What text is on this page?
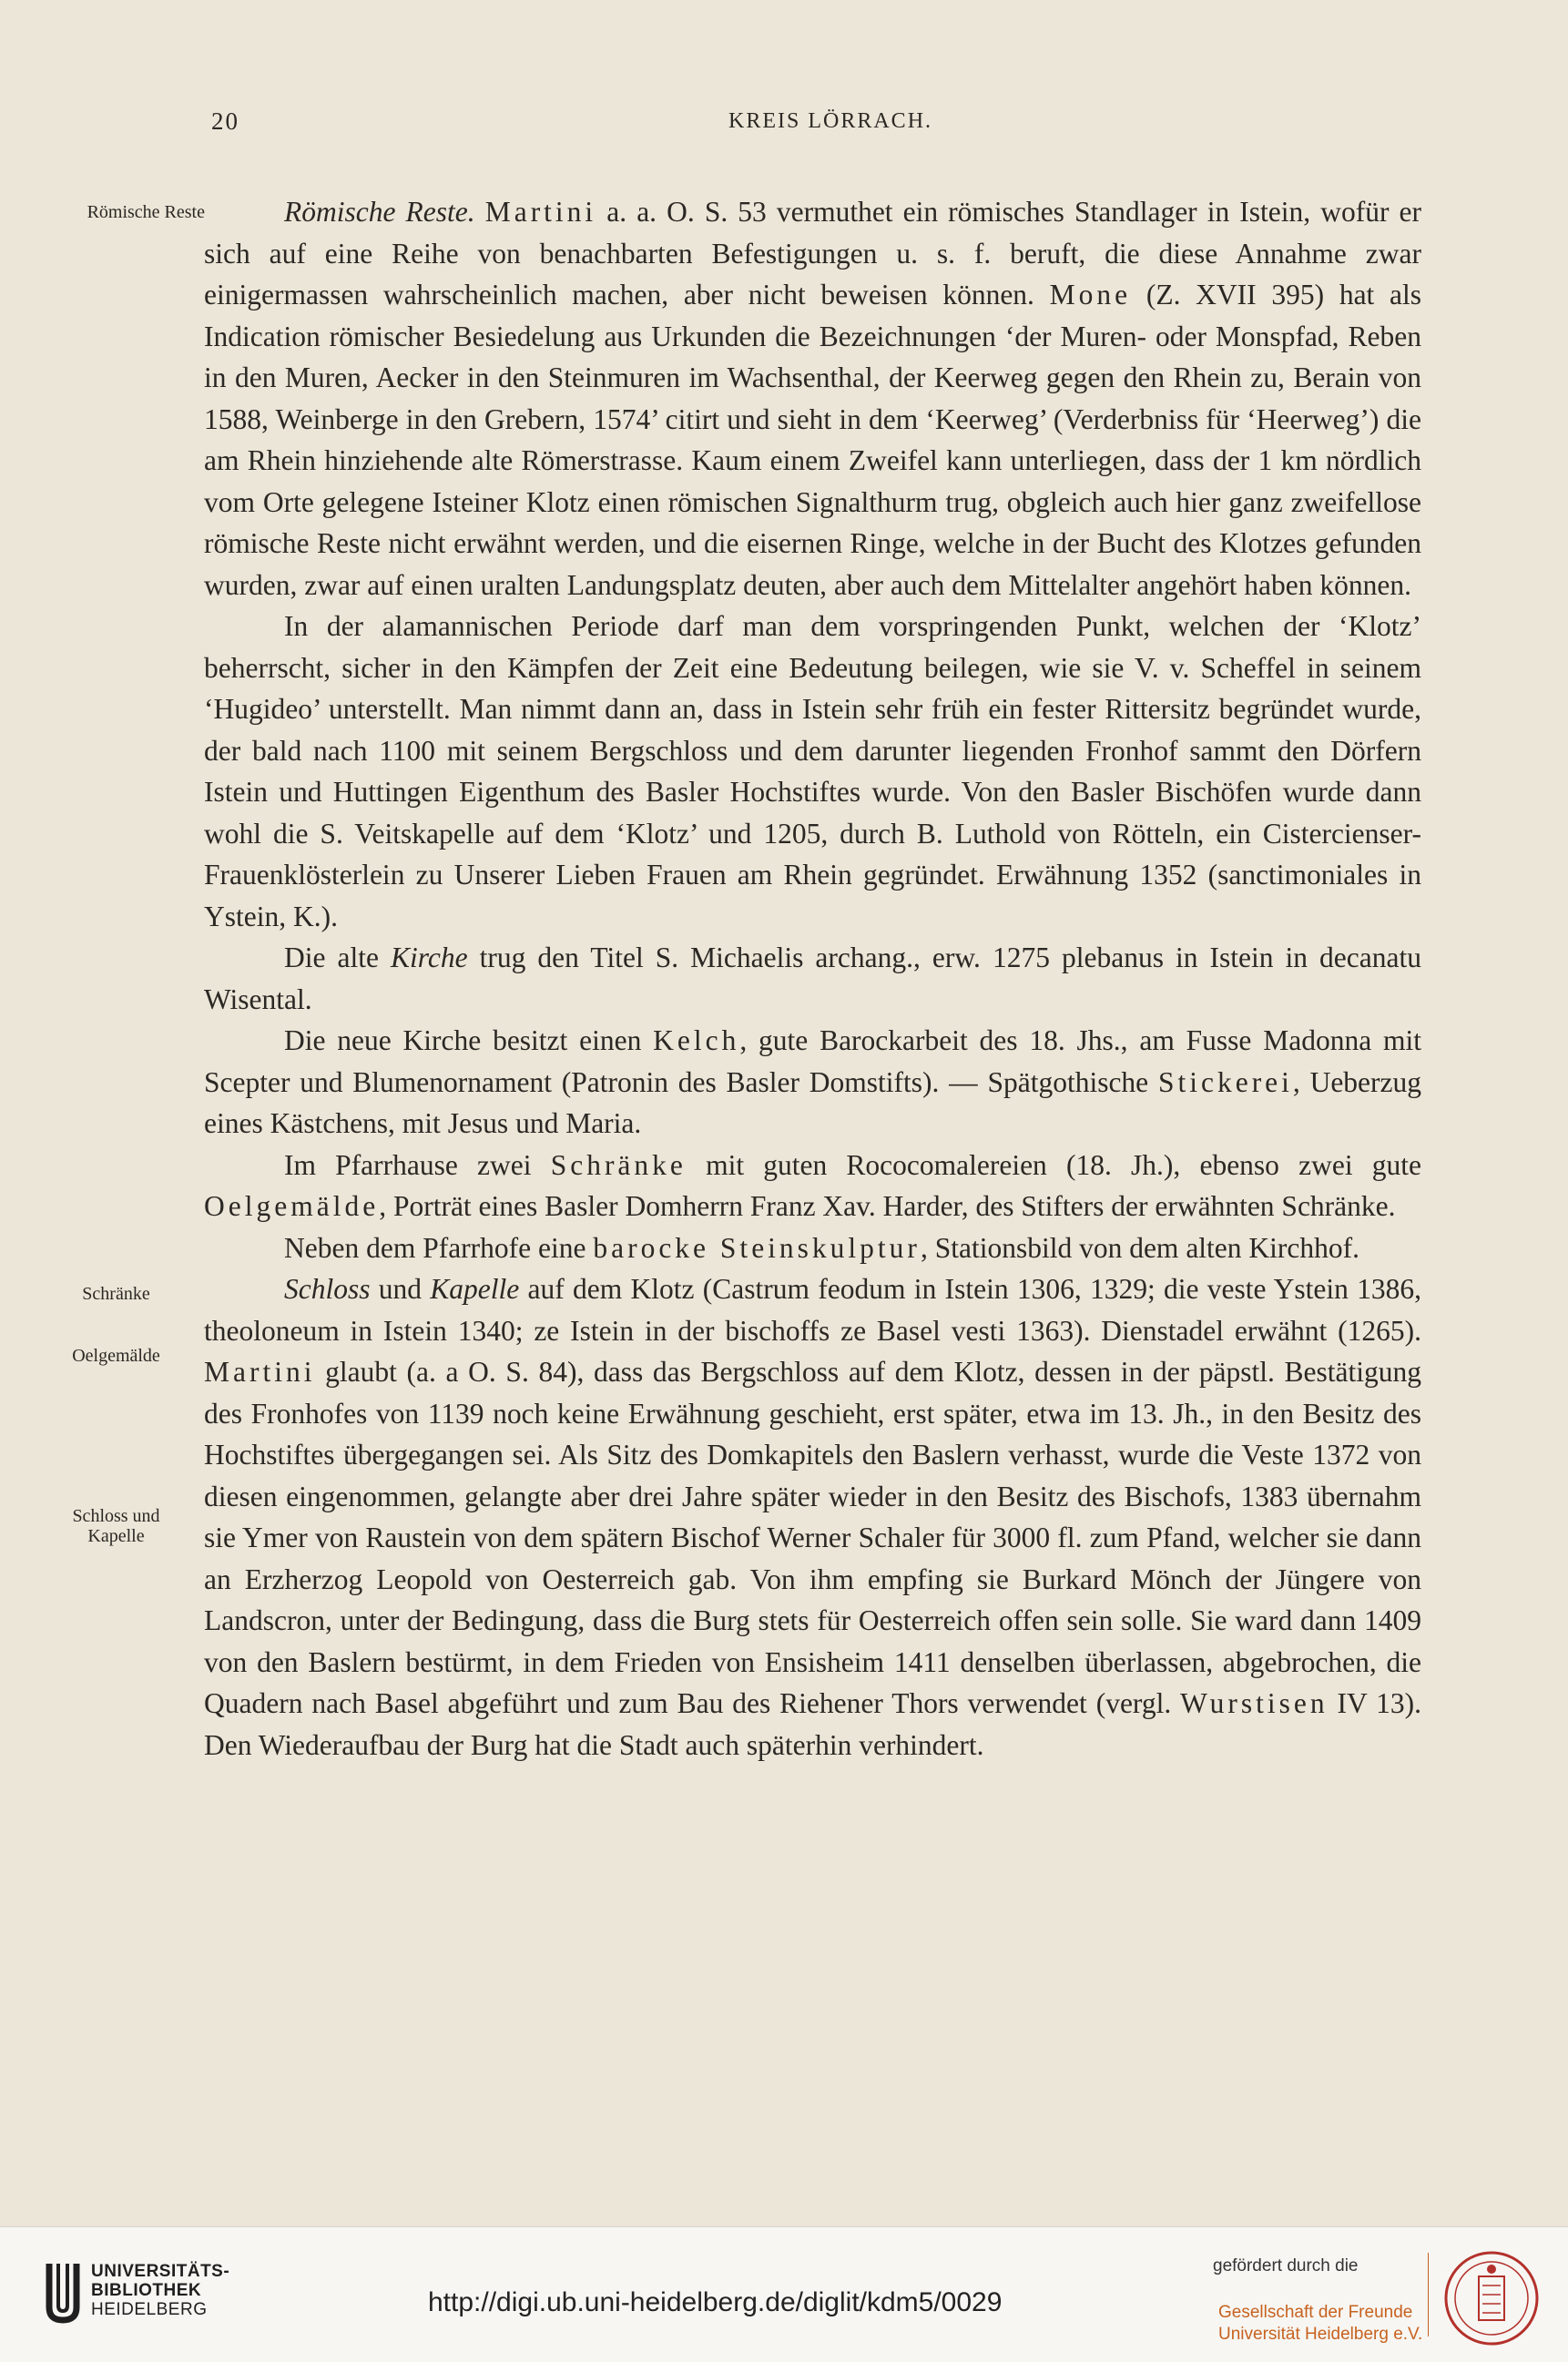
20	KREIS LÖRRACH.
Römische Reste
Schränke
Oelgemälde
Schloss und
Kapelle

Römische Reste. Martini a. a. O. S. 53 vermuthet ein römisches Standlager in Istein, wofür er sich auf eine Reihe von benachbarten Befestigungen u. s. f. beruft, die diese Annahme zwar einigermassen wahrscheinlich machen, aber nicht beweisen können. Mone (Z. XVII 395) hat als Indication römischer Besiedelung aus Urkunden die Bezeichnungen ‘der Muren- oder Monspfad, Reben in den Muren, Aecker in den Steinmuren im Wachsenthal, der Keerweg gegen den Rhein zu, Berain von 1588, Weinberge in den Grebern, 1574’ citirt und sieht in dem ‘Keerweg’ (Verderbniss für ‘Heerweg’) die am Rhein hinziehende alte Römerstrasse. Kaum einem Zweifel kann unterliegen, dass der 1 km nördlich vom Orte gelegene Isteiner Klotz einen römischen Signalthurm trug, obgleich auch hier ganz zweifellose römische Reste nicht erwähnt werden, und die eisernen Ringe, welche in der Bucht des Klotzes gefunden wurden, zwar auf einen uralten Landungsplatz deuten, aber auch dem Mittelalter angehört haben können.

In der alamannischen Periode darf man dem vorspringenden Punkt, welchen der ‘Klotz’ beherrscht, sicher in den Kämpfen der Zeit eine Bedeutung beilegen, wie sie V. v. Scheffel in seinem ‘Hugideo’ unterstellt. Man nimmt dann an, dass in Istein sehr früh ein fester Rittersitz begründet wurde, der bald nach 1100 mit seinem Bergschloss und dem darunter liegenden Fronhof sammt den Dörfern Istein und Huttingen Eigenthum des Basler Hochstiftes wurde. Von den Basler Bischöfen wurde dann wohl die S. Veitskapelle auf dem ‘Klotz’ und 1205, durch B. Luthold von Rötteln, ein Cistercienser-Frauenklösterlein zu Unserer Lieben Frauen am Rhein gegründet. Erwähnung 1352 (sanctimoniales in Ystein, K.).

Die alte Kirche trug den Titel S. Michaelis archang., erw. 1275 plebanus in Istein in decanatu Wisental.

Die neue Kirche besitzt einen Kelch, gute Barockarbeit des 18. Jhs., am Fusse Madonna mit Scepter und Blumenornament (Patronin des Basler Domstifts). — Spätgothische Stickerei, Ueberzug eines Kästchens, mit Jesus und Maria.

Im Pfarrhause zwei Schränke mit guten Rococomalereien (18. Jh.), ebenso zwei gute Oelgemälde, Porträt eines Basler Domherrn Franz Xav. Harder, des Stifters der erwähnten Schränke.

Neben dem Pfarrhofe eine barocke Steinskulptur, Stationsbild von dem alten Kirchhof.

Schloss und Kapelle auf dem Klotz (Castrum feodum in Istein 1306, 1329; die veste Ystein 1386, theoloneum in Istein 1340; ze Istein in der bischoffs ze Basel vesti 1363). Dienstadel erwähnt (1265). Martini glaubt (a. a O. S. 84), dass das Bergschloss auf dem Klotz, dessen in der päpstl. Bestätigung des Fronhofes von 1139 noch keine Erwähnung geschieht, erst später, etwa im 13. Jh., in den Besitz des Hochstiftes übergegangen sei. Als Sitz des Domkapitels den Baslern verhasst, wurde die Veste 1372 von diesen eingenommen, gelangte aber drei Jahre später wieder in den Besitz des Bischofs, 1383 übernahm sie Ymer von Raustein von dem spätern Bischof Werner Schaler für 3000 fl. zum Pfand, welcher sie dann an Erzherzog Leopold von Oesterreich gab. Von ihm empfing sie Burkard Mönch der Jüngere von Landscron, unter der Bedingung, dass die Burg stets für Oesterreich offen sein solle. Sie ward dann 1409 von den Baslern bestürmt, in dem Frieden von Ensisheim 1411 denselben überlassen, abgebrochen, die Quadern nach Basel abgeführt und zum Bau des Riehener Thors verwendet (vergl. Wurstisen IV 13). Den Wiederaufbau der Burg hat die Stadt auch späterhin verhindert.

UNIVERSITÄTS-
BIBLIOTHEK
HEIDELBERG	http://digi.ub.uni-heidelberg.de/diglit/kdm5/0029
gefördert durch die
Gesellschaft der Freunde
Universität Heidelberg e.V.
